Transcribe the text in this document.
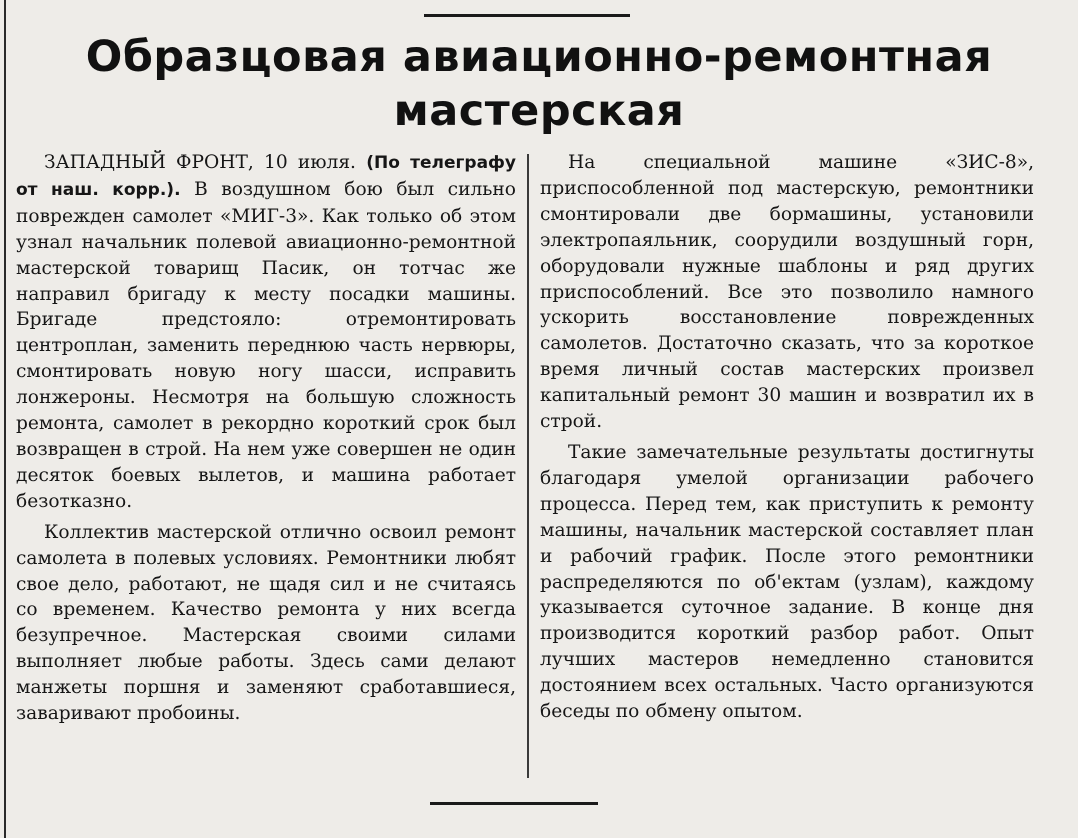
Образцовая авиационно-ремонтная
мастерская

ЗАПАДНЫЙ ФРОНТ, 10 июля. (По телеграфу от наш. корр.). В воздушном бою был сильно поврежден самолет «МИГ-3». Как только об этом узнал начальник полевой авиационно-ремонтной мастерской товарищ Пасик, он тотчас же направил бригаду к месту посадки машины. Бригаде предстояло: отремонтировать центроплан, заменить переднюю часть нервюры, смонтировать новую ногу шасси, исправить лонжероны. Несмотря на большую сложность ремонта, самолет в рекордно короткий срок был возвращен в строй. На нем уже совершен не один десяток боевых вылетов, и машина работает безотказно.

Коллектив мастерской отлично освоил ремонт самолета в полевых условиях. Ремонтники любят свое дело, работают, не щадя сил и не считаясь со временем. Качество ремонта у них всегда безупречное. Мастерская своими силами выполняет любые работы. Здесь сами делают манжеты поршня и заменяют сработавшиеся, заваривают пробоины.

На специальной машине «ЗИС-8», приспособленной под мастерскую, ремонтники смонтировали две бормашины, установили электропаяльник, соорудили воздушный горн, оборудовали нужные шаблоны и ряд других приспособлений. Все это позволило намного ускорить восстановление поврежденных самолетов. Достаточно сказать, что за короткое время личный состав мастерских произвел капитальный ремонт 30 машин и возвратил их в строй.

Такие замечательные результаты достигнуты благодаря умелой организации рабочего процесса. Перед тем, как приступить к ремонту машины, начальник мастерской составляет план и рабочий график. После этого ремонтники распределяются по об'ектам (узлам), каждому указывается суточное задание. В конце дня производится короткий разбор работ. Опыт лучших мастеров немедленно становится достоянием всех остальных. Часто организуются беседы по обмену опытом.
